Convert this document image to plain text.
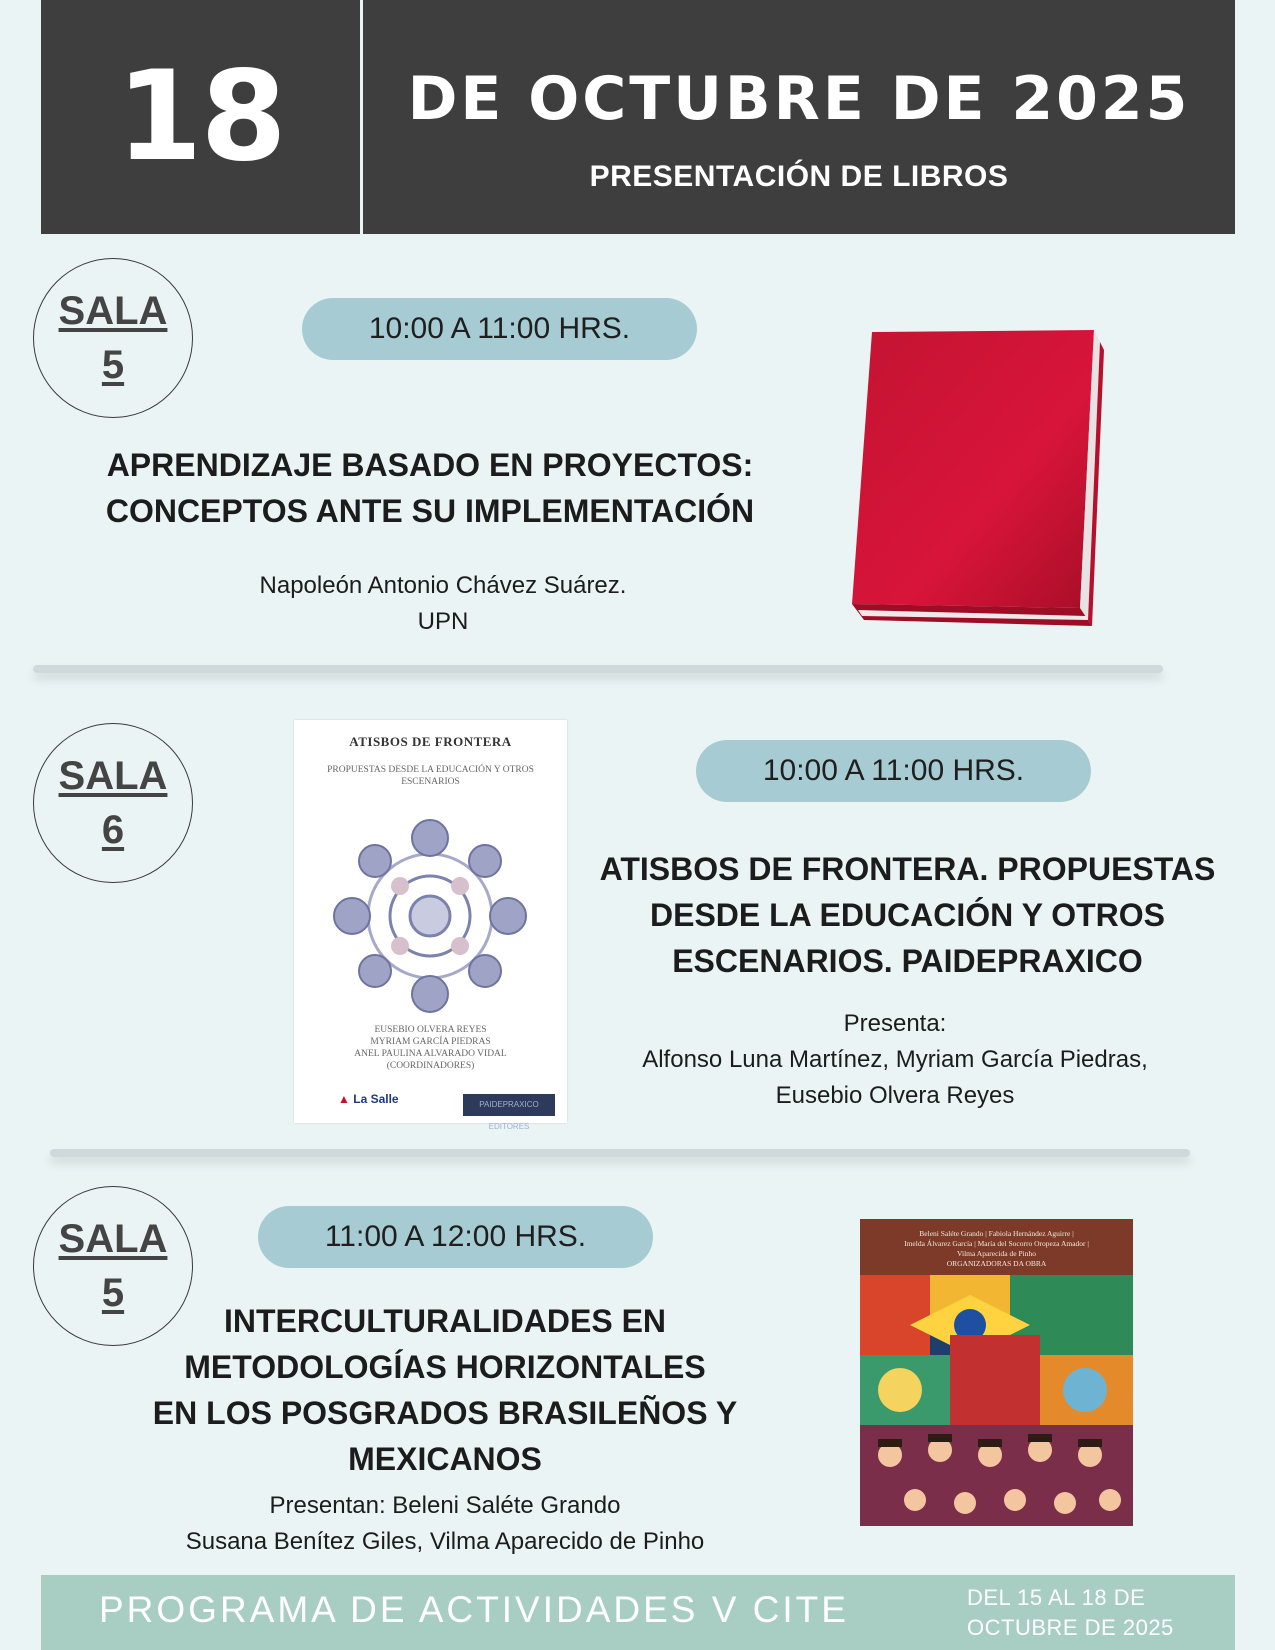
18	DE OCTUBRE DE 2025
PRESENTACIÓN DE LIBROS
SALA
5
10:00 A 11:00 HRS.
APRENDIZAJE BASADO EN PROYECTOS:
CONCEPTOS ANTE SU IMPLEMENTACIÓN
Napoleón Antonio Chávez Suárez.
UPN
SALA
6
ATISBOS DE FRONTERA
PROPUESTAS DESDE LA EDUCACIÓN Y OTROS ESCENARIOS
EUSEBIO OLVERA REYES
MYRIAM GARCÍA PIEDRAS
ANEL PAULINA ALVARADO VIDAL
(COORDINADORES)
▲ La Salle	PAIDEPRAXICO EDITORES
10:00 A 11:00 HRS.
ATISBOS DE FRONTERA. PROPUESTAS
DESDE LA EDUCACIÓN Y OTROS
ESCENARIOS. PAIDEPRAXICO
Presenta:
Alfonso Luna Martínez, Myriam García Piedras,
Eusebio Olvera Reyes
SALA
5
11:00 A 12:00 HRS.
INTERCULTURALIDADES EN
METODOLOGÍAS HORIZONTALES
EN LOS POSGRADOS BRASILEÑOS Y
MEXICANOS
Presentan: Beleni Saléte Grando
Susana Benítez Giles, Vilma Aparecido de Pinho
Beleni Saléte Grando | Fabiola Hernández Aguirre |
Imelda Álvarez García | María del Socorro Oropeza Amador |
Vilma Aparecida de Pinho
ORGANIZADORAS DA OBRA
PROGRAMA DE ACTIVIDADES V CITE	DEL 15 AL 18 DE
OCTUBRE DE 2025
